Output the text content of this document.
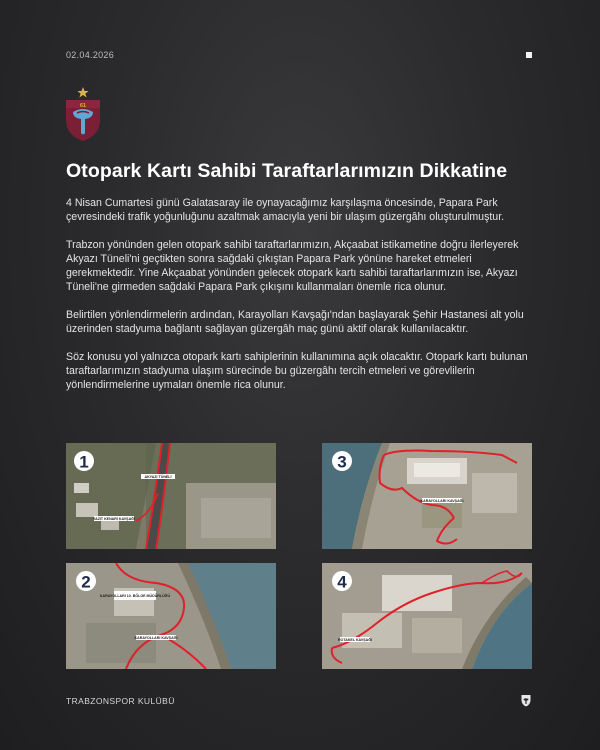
02.04.2026
61
Otopark Kartı Sahibi Taraftarlarımızın Dikkatine

4 Nisan Cumartesi günü Galatasaray ile oynayacağımız karşılaşma öncesinde, Papara Park çevresindeki trafik yoğunluğunu azaltmak amacıyla yeni bir ulaşım güzergâhı oluşturulmuştur.

Trabzon yönünden gelen otopark sahibi taraftarlarımızın, Akçaabat istikametine doğru ilerleyerek Akyazı Tüneli'ni geçtikten sonra sağdaki çıkıştan Papara Park yönüne hareket etmeleri gerekmektedir. Yine Akçaabat yönünden gelecek otopark kartı sahibi taraftarlarımızın ise, Akyazı Tüneli'ne girmeden sağdaki Papara Park çıkışını kullanmaları önemle rica olunur.

Belirtilen yönlendirmelerin ardından, Karayolları Kavşağı'ndan başlayarak Şehir Hastanesi alt yolu üzerinden stadyuma bağlantı sağlayan güzergâh maç günü aktif olarak kullanılacaktır.

Söz konusu yol yalnızca otopark kartı sahiplerinin kullanımına açık olacaktır. Otopark kartı bulunan taraftarlarımızın stadyuma ulaşım sürecinde bu güzergâhı tercih etmeleri ve görevlilerin yönlendirmelerine uymaları önemle rica olunur.

1
AKYAZI TÜNELİ
YAZIT KENARI KAVŞAĞI
3
KARAYOLLARI KAVŞAĞI
2
KARAYOLLARI 10. BÖLGE MÜDÜRLÜĞÜ
KARAYOLLARI KAVŞAĞI
4
ROTAKEL KAVŞAĞI
TRABZONSPOR KULÜBÜ
